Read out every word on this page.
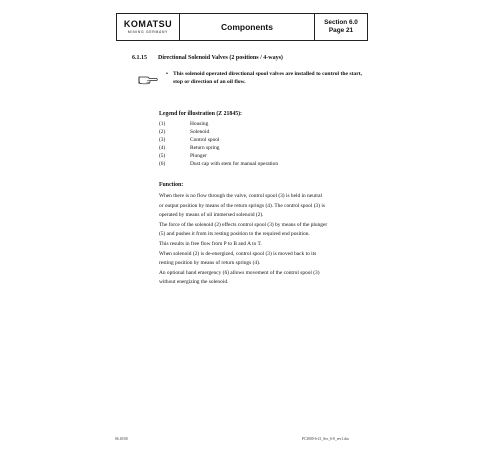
KOMATSU
MINING GERMANY	Components	Section 6.0
Page 21
6.1.15 Directional Solenoid Valves (2 positions / 4-ways)
• This solenoid operated directional spool valves are installed to control the start, stop or direction of an oil flow.
Legend for illustration (Z 21845):
(1)	Housing
(2)	Solenoid
(3)	Control spool
(4)	Return spring
(5)	Plunger
(6)	Dust cap with stem for manual operation
Function:
When there is no flow through the valve, control spool (3) is held in neutral
or output position by means of the return springs (4). The control spool (3) is
operated by means of oil immersed solenoid (2).
The force of the solenoid (2) effects control spool (3) by means of the plunger
(5) and pushes it from its resting position to the required end position.
This results in free flow from P to B and A to T.
When solenoid (2) is de-energized, control spool (3) is moved back to its
resting position by means of return springs (4).
An optional hand emergency (6) allows movement of the control spool (3)
without energizing the solenoid.
06.10/00	PC3000-6-21_Sec_6-0_rev1.doc
